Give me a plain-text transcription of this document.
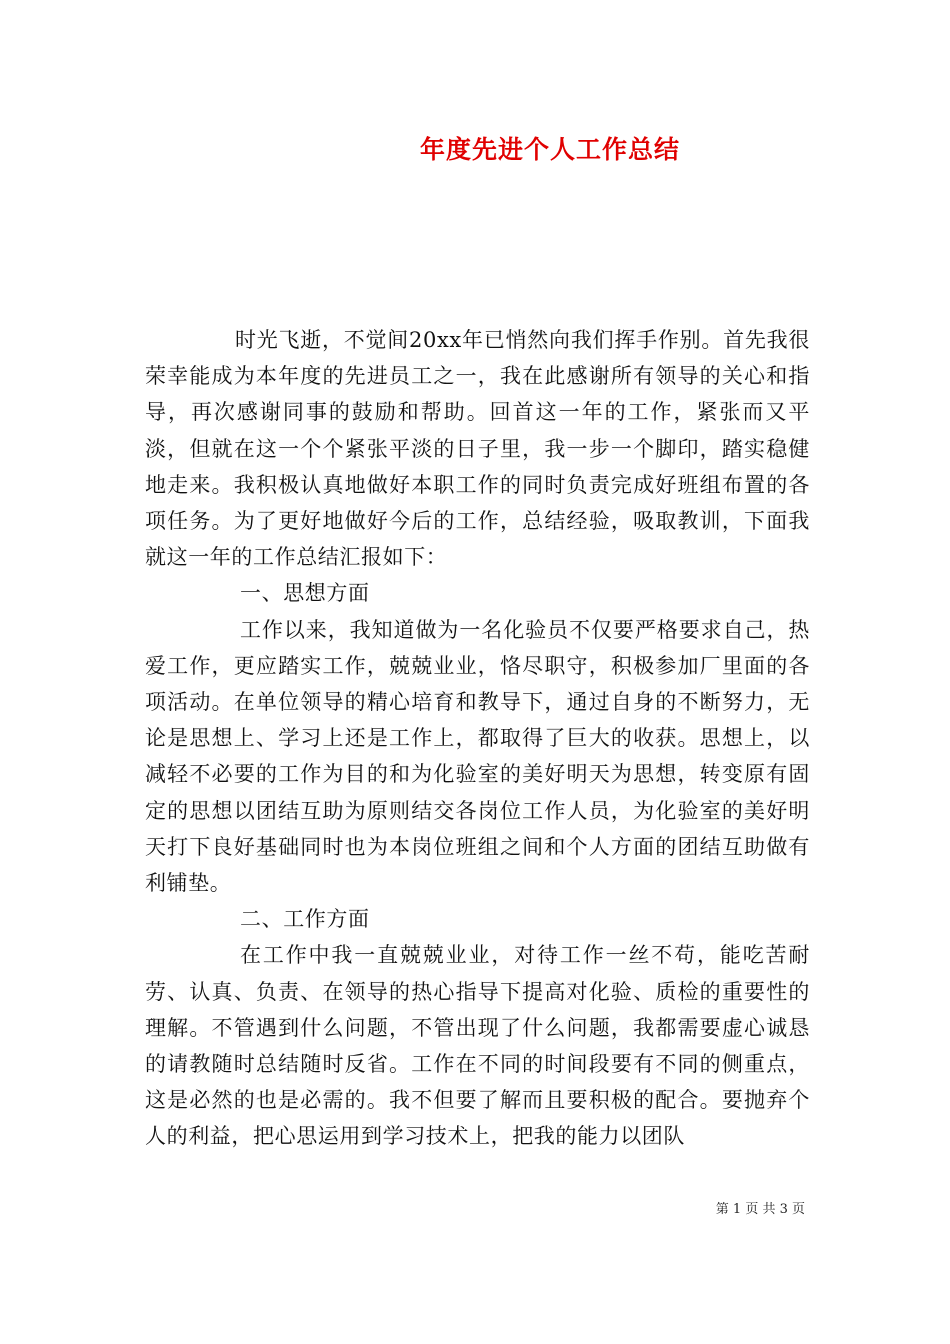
年度先进个人工作总结

时光飞逝，不觉间20xx年已悄然向我们挥手作别。首先我很荣幸能成为本年度的先进员工之一，我在此感谢所有领导的关心和指导，再次感谢同事的鼓励和帮助。回首这一年的工作，紧张而又平淡，但就在这一个个紧张平淡的日子里，我一步一个脚印，踏实稳健地走来。我积极认真地做好本职工作的同时负责完成好班组布置的各项任务。为了更好地做好今后的工作，总结经验，吸取教训，下面我就这一年的工作总结汇报如下：

一、思想方面

工作以来，我知道做为一名化验员不仅要严格要求自己，热爱工作，更应踏实工作，兢兢业业，恪尽职守，积极参加厂里面的各项活动。在单位领导的精心培育和教导下，通过自身的不断努力，无论是思想上、学习上还是工作上，都取得了巨大的收获。思想上，以减轻不必要的工作为目的和为化验室的美好明天为思想，转变原有固定的思想以团结互助为原则结交各岗位工作人员，为化验室的美好明天打下良好基础同时也为本岗位班组之间和个人方面的团结互助做有利铺垫。

二、工作方面

在工作中我一直兢兢业业，对待工作一丝不苟，能吃苦耐劳、认真、负责、在领导的热心指导下提高对化验、质检的重要性的理解。不管遇到什么问题，不管出现了什么问题，我都需要虚心诚恳的请教随时总结随时反省。工作在不同的时间段要有不同的侧重点，这是必然的也是必需的。我不但要了解而且要积极的配合。要抛弃个人的利益，把心思运用到学习技术上，把我的能力以团队

第 1 页 共 3 页
